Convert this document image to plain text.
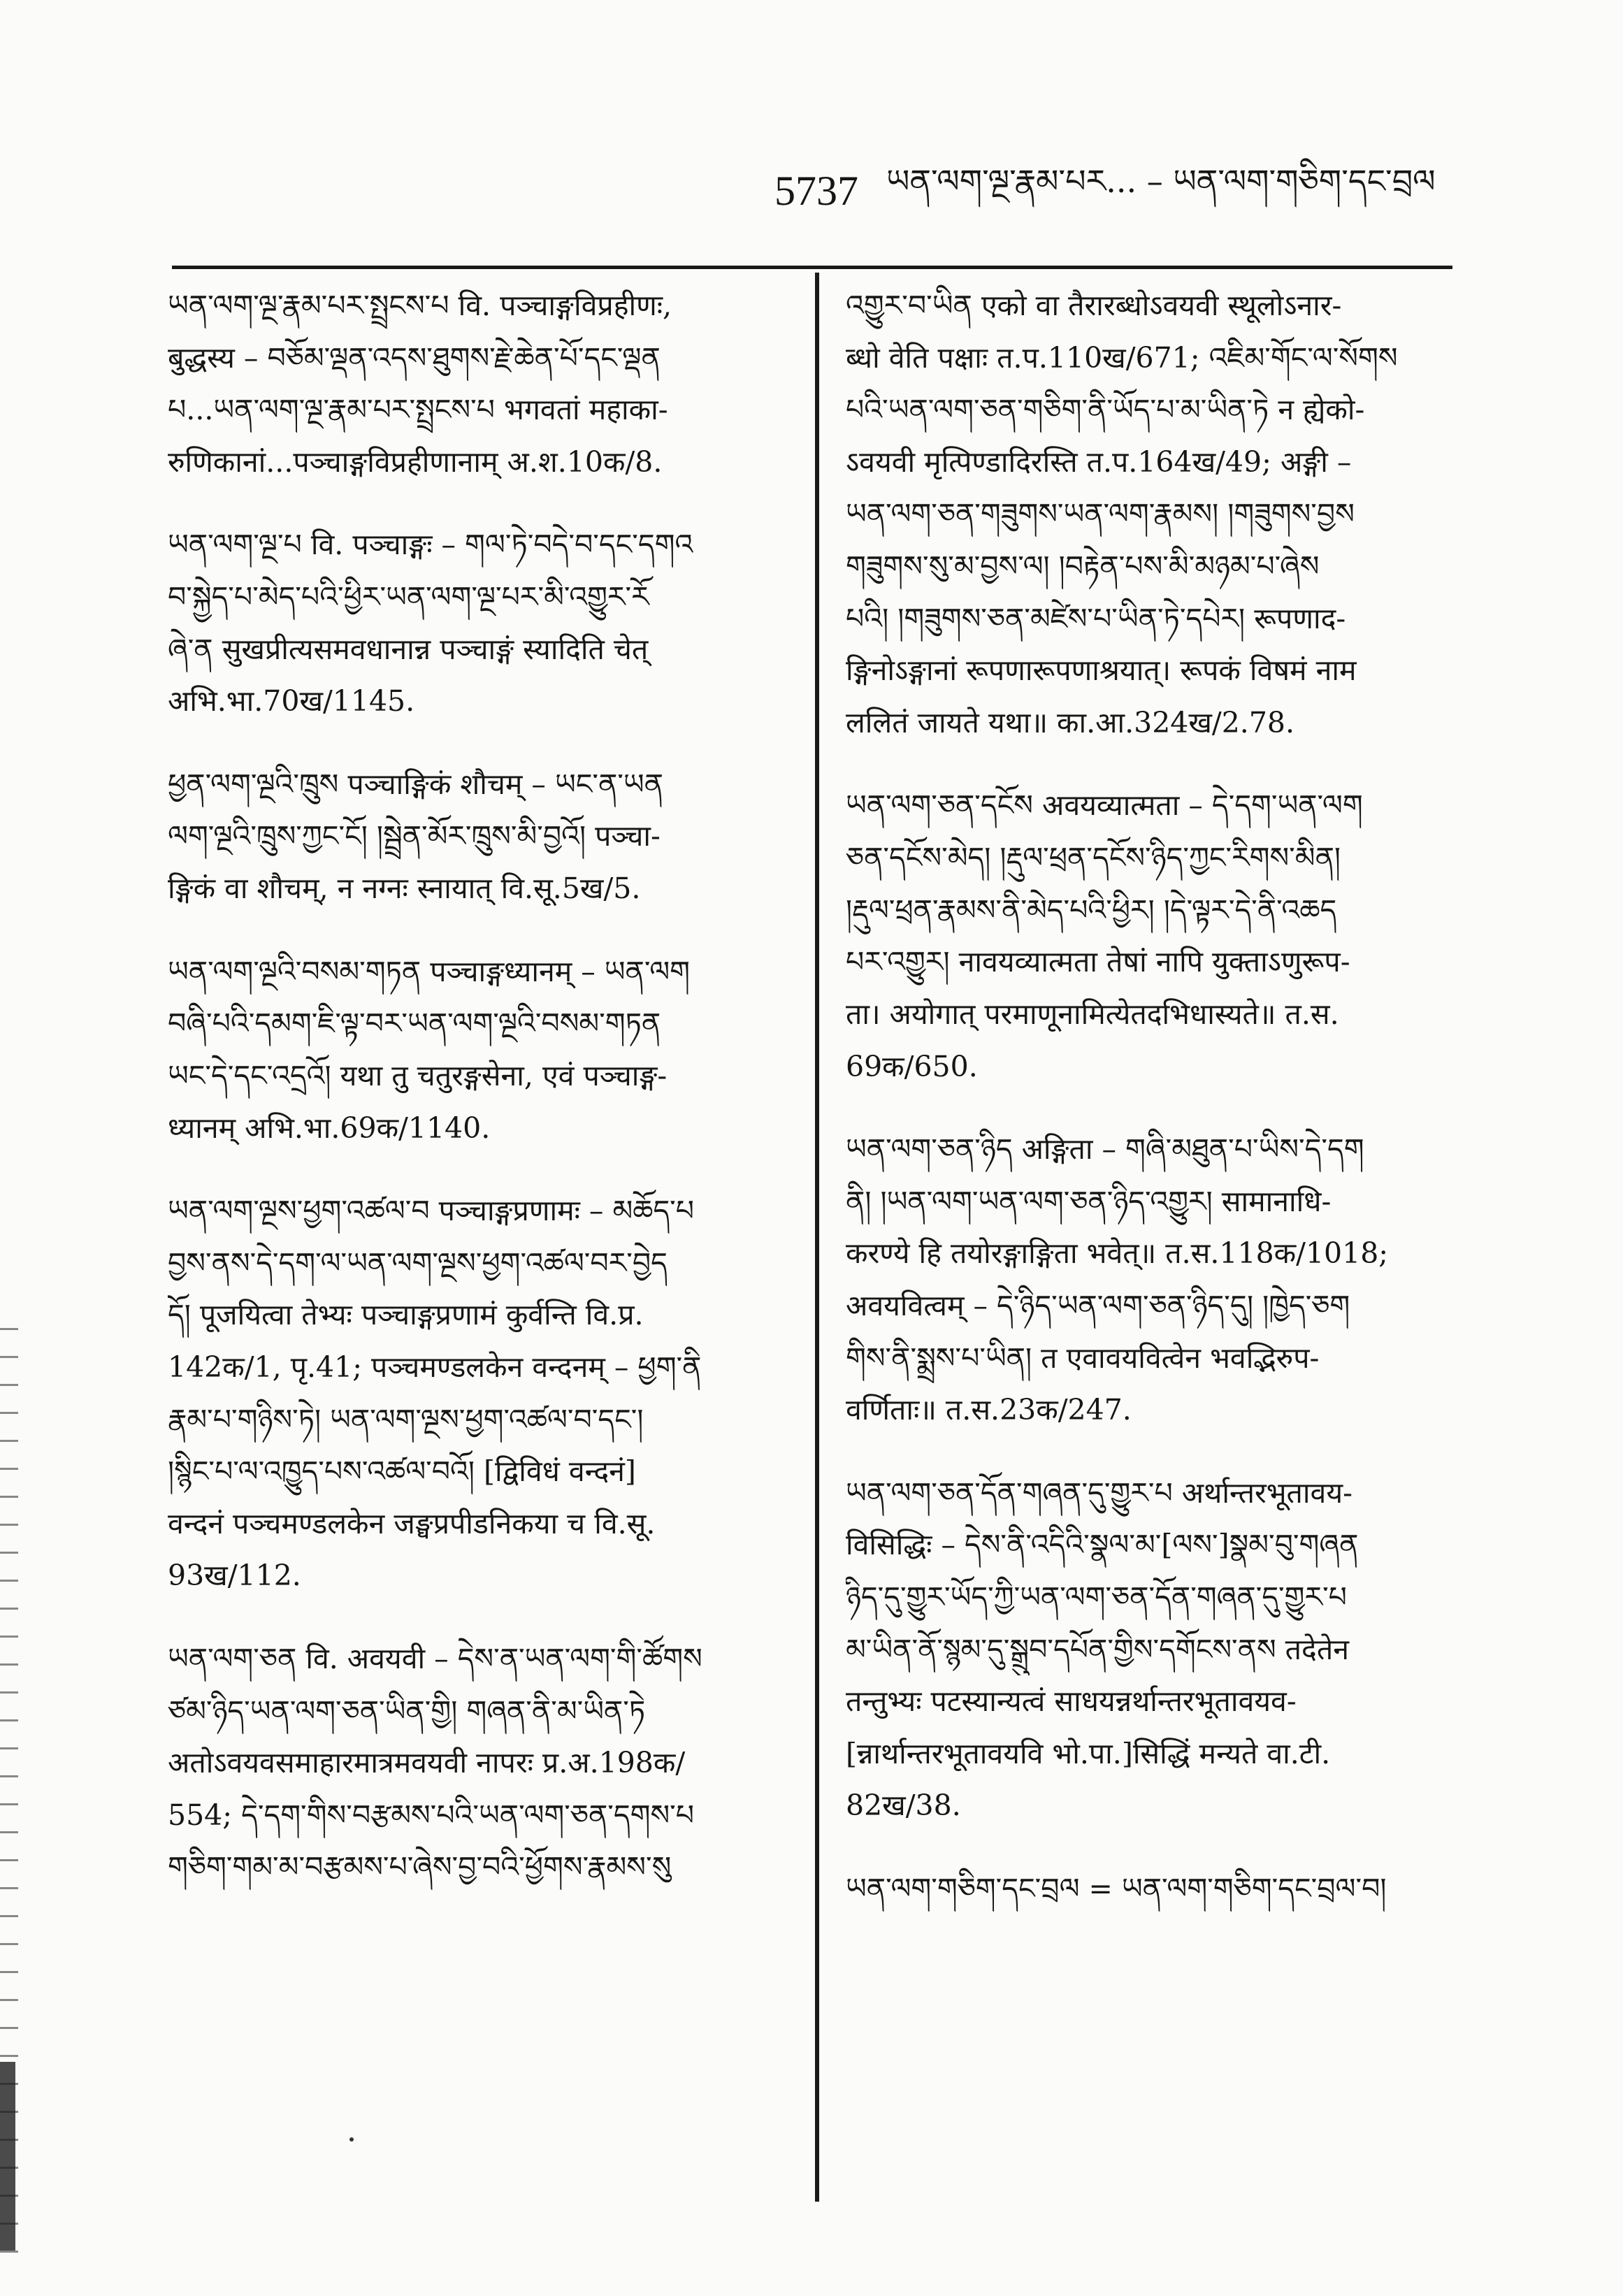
5737 ཡན་ལག་ལྔ་རྣམ་པར... – ཡན་ལག་གཅིག་དང་བྲལ
ཡན་ལག་ལྔ་རྣམ་པར་སྤྲངས་པ वि. पञ्चाङ्गविप्रहीणः,
बुद्धस्य – བཅོམ་ལྡན་འདས་ཐུགས་རྗེ་ཆེན་པོ་དང་ལྡན
པ...ཡན་ལག་ལྔ་རྣམ་པར་སྤྲངས་པ भगवतां महाका-
रुणिकानां...पञ्चाङ्गविप्रहीणानाम् अ.श.10क/8.
ཡན་ལག་ལྔ་པ वि. पञ्चाङ्गः – གལ་ཏེ་བདེ་བ་དང་དགའ
བ་སྐྱེད་པ་མེད་པའི་ཕྱིར་ཡན་ལག་ལྔ་པར་མི་འགྱུར་རོ
ཞེ་ན सुखप्रीत्यसमवधानान्न पञ्चाङ्गं स्यादिति चेत्
अभि.भा.70ख/1145.
ཕྱན་ལག་ལྔའི་ཁྲུས पञ्चाङ्गिकं शौचम् – ཡང་ན་ཡན
ལག་ལྔའི་ཁྲུས་ཀྱང་ངོ། །སྦྲེན་མོར་ཁྲུས་མི་བྱའོ། पञ्चा-
ङ्गिकं वा शौचम्, न नग्नः स्नायात् वि.सू.5ख/5.
ཡན་ལག་ལྔའི་བསམ་གཏན पञ्चाङ्गध्यानम् – ཡན་ལག
བཞི་པའི་དམག་ཇི་ལྟ་བར་ཡན་ལག་ལྔའི་བསམ་གཏན
ཡང་དེ་དང་འདྲའོ། यथा तु चतुरङ्गसेना, एवं पञ्चाङ्ग-
ध्यानम् अभि.भा.69क/1140.
ཡན་ལག་ལྔས་ཕྱག་འཚལ་བ पञ्चाङ्गप्रणामः – མཆོད་པ
བྱས་ནས་དེ་དག་ལ་ཡན་ལག་ལྔས་ཕྱག་འཚལ་བར་བྱེད
དོ། पूजयित्वा तेभ्यः पञ्चाङ्गप्रणामं कुर्वन्ति वि.प्र.
142क/1, पृ.41; पञ्चमण्डलकेन वन्दनम् – ཕྱག་ནི
རྣམ་པ་གཉིས་ཏེ། ཡན་ལག་ལྔས་ཕྱག་འཚལ་བ་དང་།
།སྙིང་པ་ལ་འཁྱུད་པས་འཚལ་བའོ། [द्विविधं वन्दनं]
वन्दनं पञ्चमण्डलकेन जङ्घप्रपीडनिकया च वि.सू.
93ख/112.
ཡན་ལག་ཅན वि. अवयवी – དེས་ན་ཡན་ལག་གི་ཚོགས
ཙམ་ཉིད་ཡན་ལག་ཅན་ཡིན་གྱི། གཞན་ནི་མ་ཡིན་ཏེ
अतोऽवयवसमाहारमात्रमवयवी नापरः प्र.अ.198क/
554; དེ་དག་གིས་བརྩམས་པའི་ཡན་ལག་ཅན་དགས་པ
གཅིག་གམ་མ་བརྩམས་པ་ཞེས་བྱ་བའི་ཕྱོགས་རྣམས་སུ
འགྱུར་བ་ཡིན एको वा तैरारब्धोऽवयवी स्थूलोऽनार-
ब्धो वेति पक्षाः त.प.110ख/671; འཇིམ་གོང་ལ་སོགས
པའི་ཡན་ལག་ཅན་གཅིག་ནི་ཡོད་པ་མ་ཡིན་ཏེ न ह्येको-
ऽवयवी मृत्पिण्डादिरस्ति त.प.164ख/49; अङ्गी –
ཡན་ལག་ཅན་གཟུགས་ཡན་ལག་རྣམས། །གཟུགས་བྱས
གཟུགས་སུ་མ་བྱས་ལ། །བརྟེན་པས་མི་མཉམ་པ་ཞེས
པའི། །གཟུགས་ཅན་མཛེས་པ་ཡིན་ཏེ་དཔེར། रूपणाद-
ङ्गिनोऽङ्गानां रूपणारूपणाश्रयात्। रूपकं विषमं नाम
ललितं जायते यथा॥ का.आ.324ख/2.78.
ཡན་ལག་ཅན་དངོས अवयव्यात्मता – དེ་དག་ཡན་ལག
ཅན་དངོས་མེད། །རྡུལ་ཕྲན་དངོས་ཉིད་ཀྱང་རིགས་མིན།
།རྡུལ་ཕྲན་རྣམས་ནི་མེད་པའི་ཕྱིར། །དེ་ལྟར་དེ་ནི་འཆད
པར་འགྱུར། नावयव्यात्मता तेषां नापि युक्ताऽणुरूप-
ता। अयोगात् परमाणूनामित्येतदभिधास्यते॥ त.स.
69क/650.
ཡན་ལག་ཅན་ཉིད अङ्गिता – གཞི་མཐུན་པ་ཡིས་དེ་དག
ནི། །ཡན་ལག་ཡན་ལག་ཅན་ཉིད་འགྱུར། सामानाधि-
करण्ये हि तयोरङ्गाङ्गिता भवेत्॥ त.स.118क/1018;
अवयवित्वम् – དེ་ཉིད་ཡན་ལག་ཅན་ཉིད་དུ། །ཁྱེད་ཅག
གིས་ནི་སྨྲས་པ་ཡིན། त एवावयवित्वेन भवद्भिरुप-
वर्णिताः॥ त.स.23क/247.
ཡན་ལག་ཅན་དོན་གཞན་དུ་གྱུར་པ अर्थान्तरभूतावय-
विसिद्धिः – དེས་ནི་འདིའི་སྣལ་མ་[ལས་]སྣམ་བུ་གཞན
ཉིད་དུ་གྱུར་ཡོད་ཀྱི་ཡན་ལག་ཅན་དོན་གཞན་དུ་གྱུར་པ
མ་ཡིན་ནོ་སྙམ་དུ་སྒྲུབ་དཔོན་གྱིས་དགོངས་ནས तदेतेन
तन्तुभ्यः पटस्यान्यत्वं साधयन्नर्थान्तरभूतावयव-
[न्नार्थान्तरभूतावयवि भो.पा.]सिद्धिं मन्यते वा.टी.
82ख/38.
ཡན་ལག་གཅིག་དང་བྲལ = ཡན་ལག་གཅིག་དང་བྲལ་བ།
